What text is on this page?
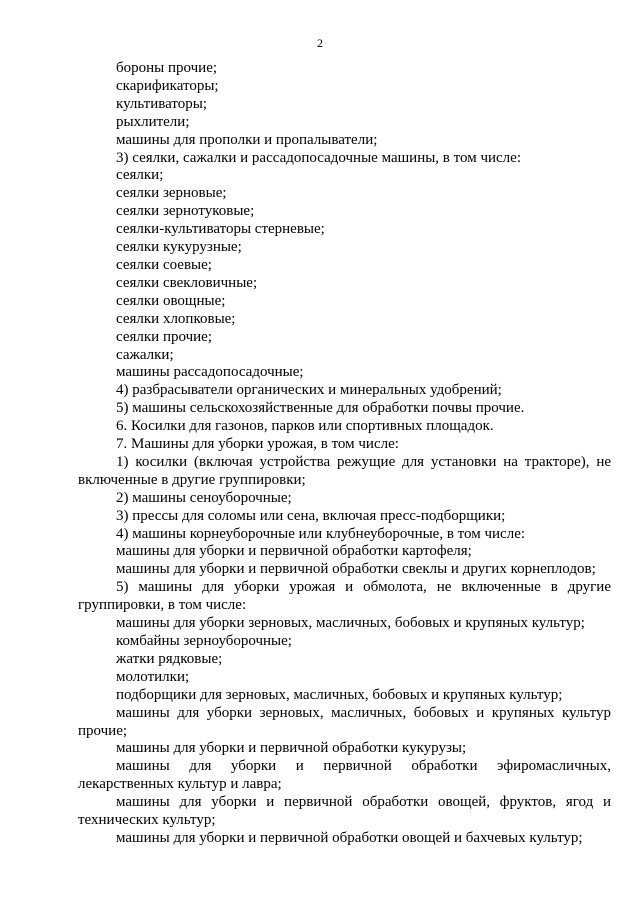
2

бороны прочие;

скарификаторы;

культиваторы;

рыхлители;

машины для прополки и пропалыватели;

3) сеялки, сажалки и рассадопосадочные машины, в том числе:

сеялки;

сеялки зерновые;

сеялки зернотуковые;

сеялки-культиваторы стерневые;

сеялки кукурузные;

сеялки соевые;

сеялки свекловичные;

сеялки овощные;

сеялки хлопковые;

сеялки прочие;

сажалки;

машины рассадопосадочные;

4) разбрасыватели органических и минеральных удобрений;

5) машины сельскохозяйственные для обработки почвы прочие.

6. Косилки для газонов, парков или спортивных площадок.

7. Машины для уборки урожая, в том числе:

1) косилки (включая устройства режущие для установки на тракторе), не включенные в другие группировки;

2) машины сеноуборочные;

3) прессы для соломы или сена, включая пресс-подборщики;

4) машины корнеуборочные или клубнеуборочные, в том числе:

машины для уборки и первичной обработки картофеля;

машины для уборки и первичной обработки свеклы и других корнеплодов;

5) машины для уборки урожая и обмолота, не включенные в другие группировки, в том числе:

машины для уборки зерновых, масличных, бобовых и крупяных культур;

комбайны зерноуборочные;

жатки рядковые;

молотилки;

подборщики для зерновых, масличных, бобовых и крупяных культур;

машины для уборки зерновых, масличных, бобовых и крупяных культур прочие;

машины для уборки и первичной обработки кукурузы;

машины для уборки и первичной обработки эфиромасличных, лекарственных культур и лавра;

машины для уборки и первичной обработки овощей, фруктов, ягод и технических культур;

машины для уборки и первичной обработки овощей и бахчевых культур;
